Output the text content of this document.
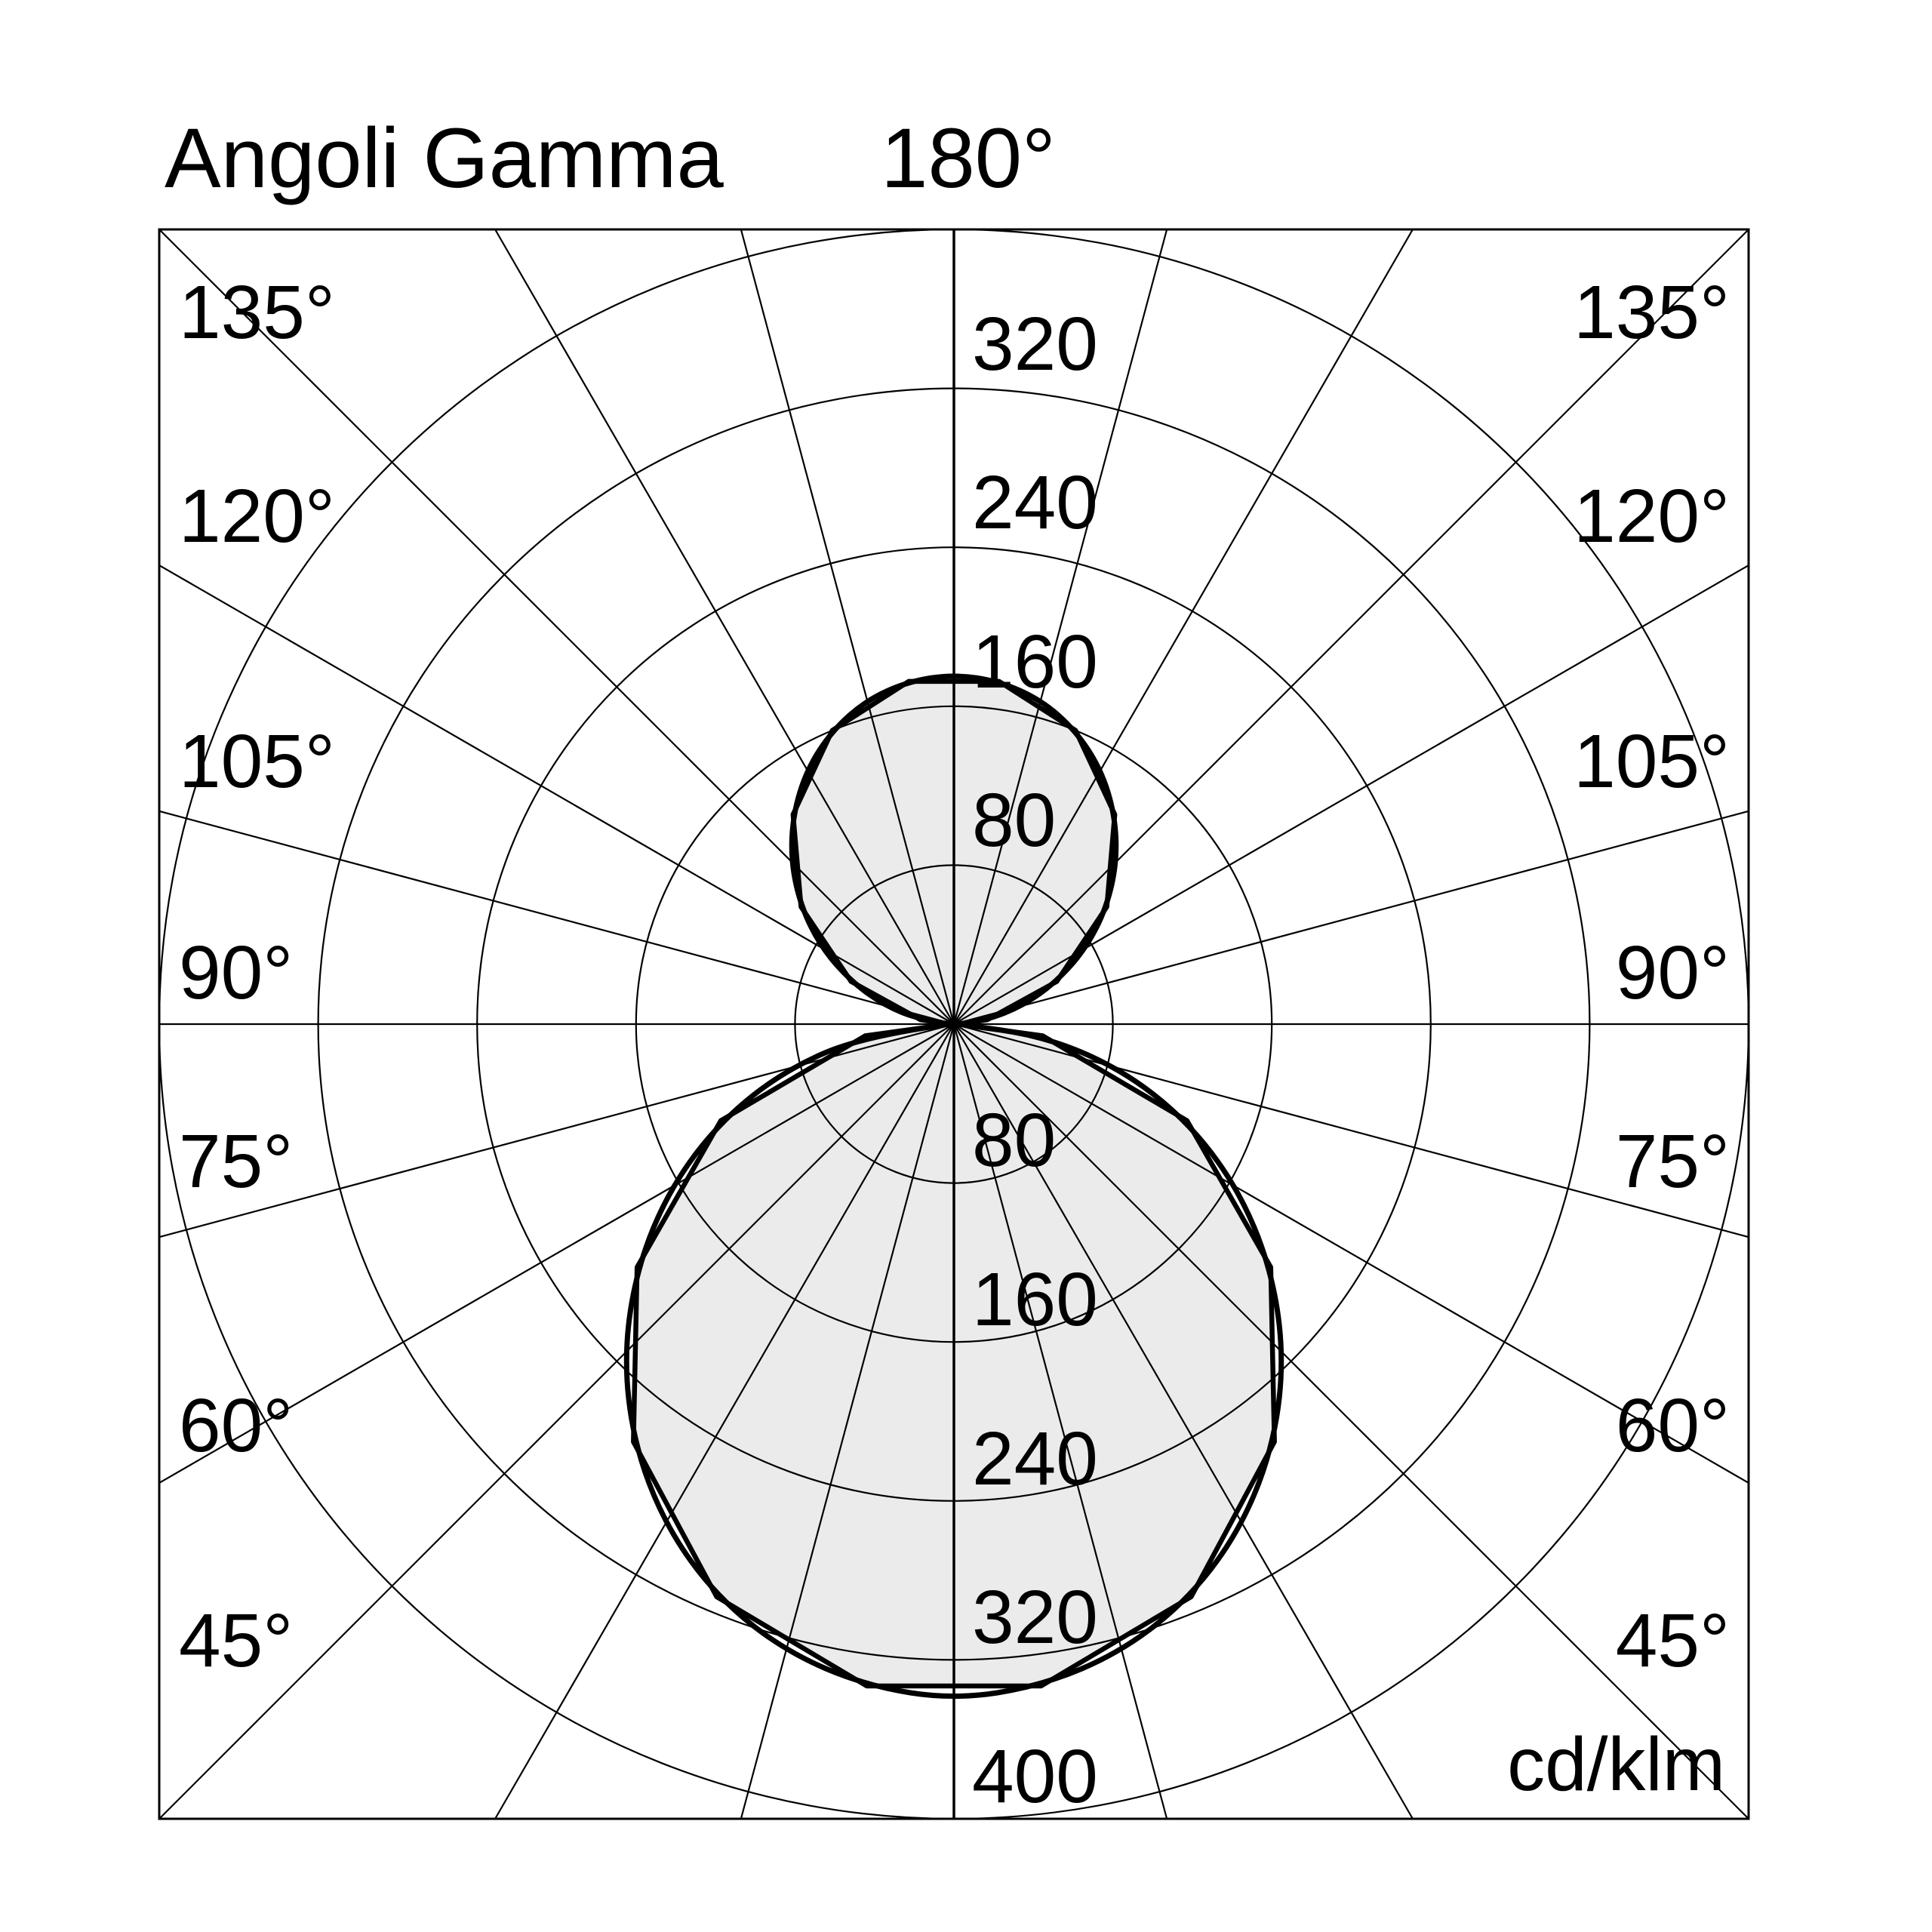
Angoli Gamma 180°
135°
120°
105°
90°
75°
60°
45°
135°
120°
105°
90°
75°
60°
45°
320
240
160
80
80
160
240
320
400	cd/klm
